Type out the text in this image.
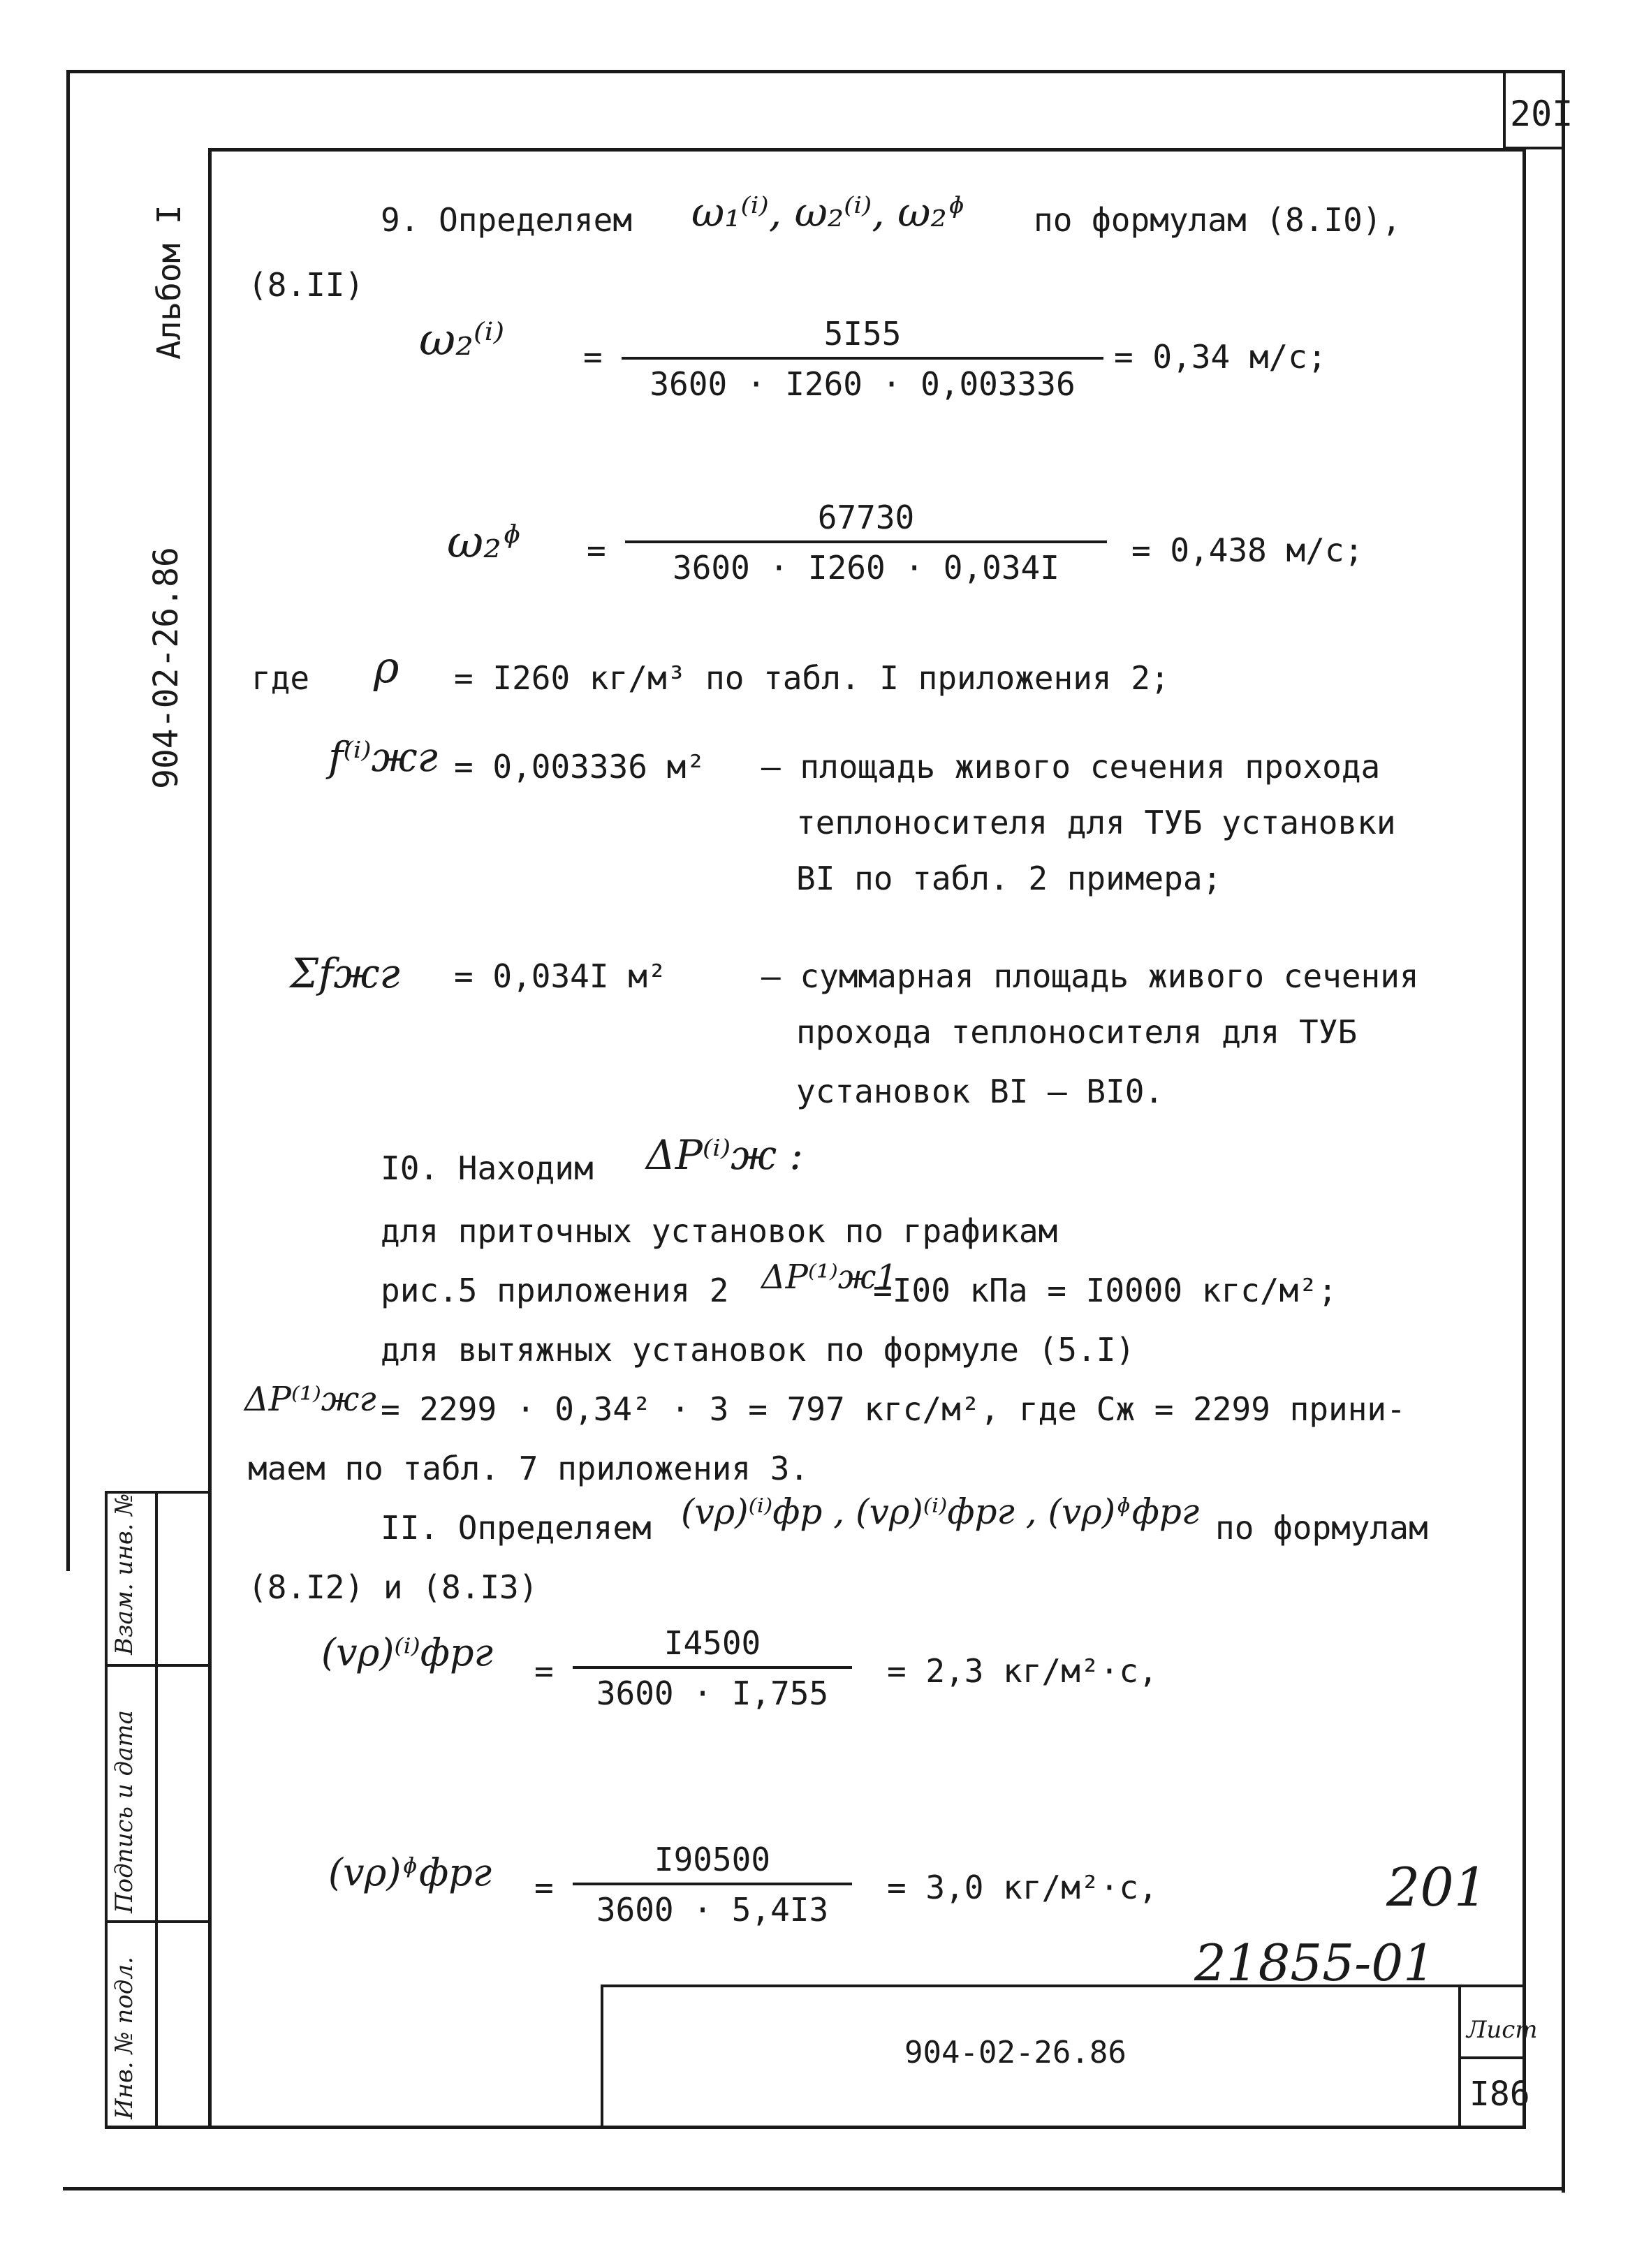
20I
Альбом I
904-02-26.86
Взам. инв. №
Подпись и дата
Инв. № подл.	904-02-26.86
Лист
I86
9. Определяем ω₁⁽ⁱ⁾, ω₂⁽ⁱ⁾, ω₂ᶲ по формулам (8.I0),
(8.II)
ω₂⁽ⁱ⁾ =
5I55
3600 · I260 · 0,003336
= 0,34 м/с;
ω₂ᶲ =
67730
3600 · I260 · 0,034I	= 0,438 м/с;
где ρ = I260 кг/м³ по табл. I приложения 2;
f⁽ⁱ⁾жг = 0,003336 м² – площадь живого сечения прохода
теплоносителя для ТУБ установки
BI по табл. 2 примера;
Σfжг = 0,034I м²	– суммарная площадь живого сечения
прохода теплоносителя для ТУБ
установок BI – BI0.
I0. Находим ΔP⁽ⁱ⁾ж :
для приточных установок по графикам
рис.5 приложения 2 ΔP⁽¹⁾ж1
=I00 кПа = I0000 кгс/м²;
для вытяжных установок по формуле (5.I)
ΔP⁽¹⁾жг = 2299 · 0,34² · 3 = 797 кгс/м², где Cж = 2299 прини-
маем по табл. 7 приложения 3.
II. Определяем (vρ)⁽ⁱ⁾фр , (vρ)⁽ⁱ⁾фрг , (vρ)ᶲфрг по формулам
(8.I2) и (8.I3)
(vρ)⁽ⁱ⁾фрг =
I4500
3600 · I,755
= 2,3 кг/м²·с,
(vρ)ᶲфрг =
I90500
3600 · 5,4I3
= 3,0 кг/м²·с,	201
21855-01
